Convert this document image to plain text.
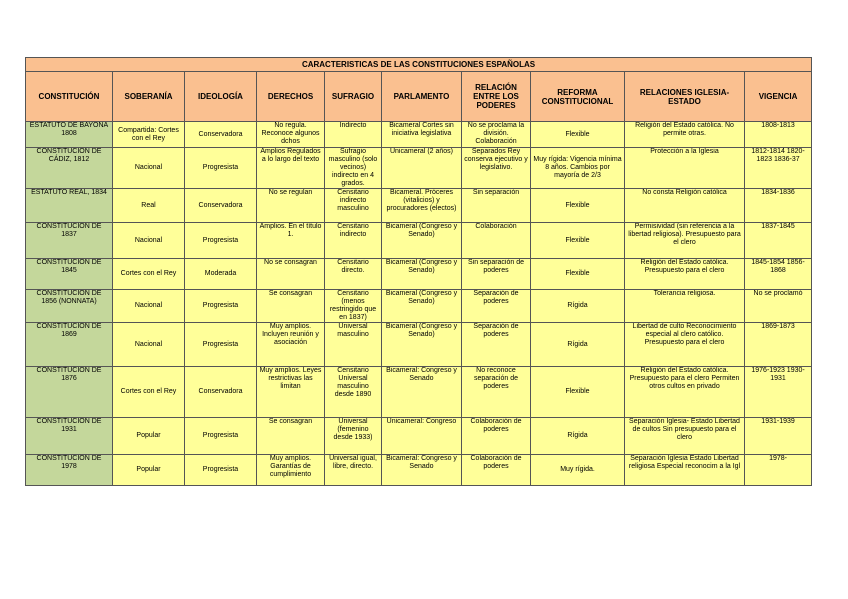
CARACTERISTICAS DE LAS CONSTITUCIONES ESPAÑOLAS									
CONSTITUCIÓN	SOBERANÍA	IDEOLOGÍA	DERECHOS	SUFRAGIO	PARLAMENTO	RELACIÓN ENTRE LOS PODERES	REFORMA CONSTITUCIONAL	RELACIONES IGLESIA-ESTADO	VIGENCIA
ESTATUTO DE BAYONA 1808	Compartida: Cortes con el Rey	Conservadora	No regula. Reconoce algunos dchos	Indirecto	Bicameral Cortes sin iniciativa legislativa	No se proclama la división. Colaboración	Flexible	Religión del Estado católica. No permite otras.	1808-1813
CONSTITUCIÓN DE CÁDIZ, 1812	Nacional	Progresista	Amplios Regulados a lo largo del texto	Sufragio masculino (solo vecinos) indirecto en 4 grados.	Unicameral (2 años)	Separados Rey conserva ejecutivo y legislativo.	Muy rígida: Vigencia mínima 8 años. Cambios por mayoría de 2/3	Protección a la Iglesia	1812-1814 1820-1823 1836-37
ESTATUTO REAL, 1834	Real	Conservadora	No se regulan	Censitario indirecto masculino	Bicameral. Próceres (vitalicios) y procuradores (electos)	Sin separación	Flexible	No consta Religión católica	1834-1836
CONSTITUCIÓN DE 1837	Nacional	Progresista	Amplios. En el título 1.	Censitario indirecto	Bicameral (Congreso y Senado)	Colaboración	Flexible	Permisividad (sin referencia a la libertad religiosa). Presupuesto para el clero	1837-1845
CONSTITUCIÓN DE 1845	Cortes con el Rey	Moderada	No se consagran	Censitario directo.	Bicameral (Congreso y Senado)	Sin separación de poderes	Flexible	Religión del Estado católica. Presupuesto para el clero	1845-1854 1856-1868
CONSTITUCIÓN DE 1856 (NONNATA)	Nacional	Progresista	Se consagran	Censitario (menos restringido que en 1837)	Bicameral (Congreso y Senado)	Separación de poderes	Rígida	Tolerancia religiosa.	No se proclamó
CONSTITUCIÓN DE 1869	Nacional	Progresista	Muy amplios. Incluyen reunión y asociación	Universal masculino	Bicameral (Congreso y Senado)	Separación de poderes	Rígida	Libertad de culto Reconocimiento especial al clero católico. Presupuesto para el clero	1869-1873
CONSTITUCIÓN DE 1876	Cortes con el Rey	Conservadora	Muy amplios. Leyes restrictivas las limitan	Censitario Universal masculino desde 1890	Bicameral: Congreso y Senado	No reconoce separación de poderes	Flexible	Religión del Estado católica. Presupuesto para el clero Permiten otros cultos en privado	1976-1923 1930-1931
CONSTITUCIÓN DE 1931	Popular	Progresista	Se consagran	Universal (femenino desde 1933)	Unicameral: Congreso	Colaboración de poderes	Rígida	Separación Iglesia- Estado Libertad de cultos Sin presupuesto para el clero	1931-1939
CONSTITUCIÓN DE 1978	Popular	Progresista	Muy amplios. Garantías de cumplimiento	Universal igual, libre, directo.	Bicameral: Congreso y Senado	Colaboración de poderes	Muy rígida.	Separación Iglesia Estado Libertad religiosa Especial reconocim a la Igl	1978-
